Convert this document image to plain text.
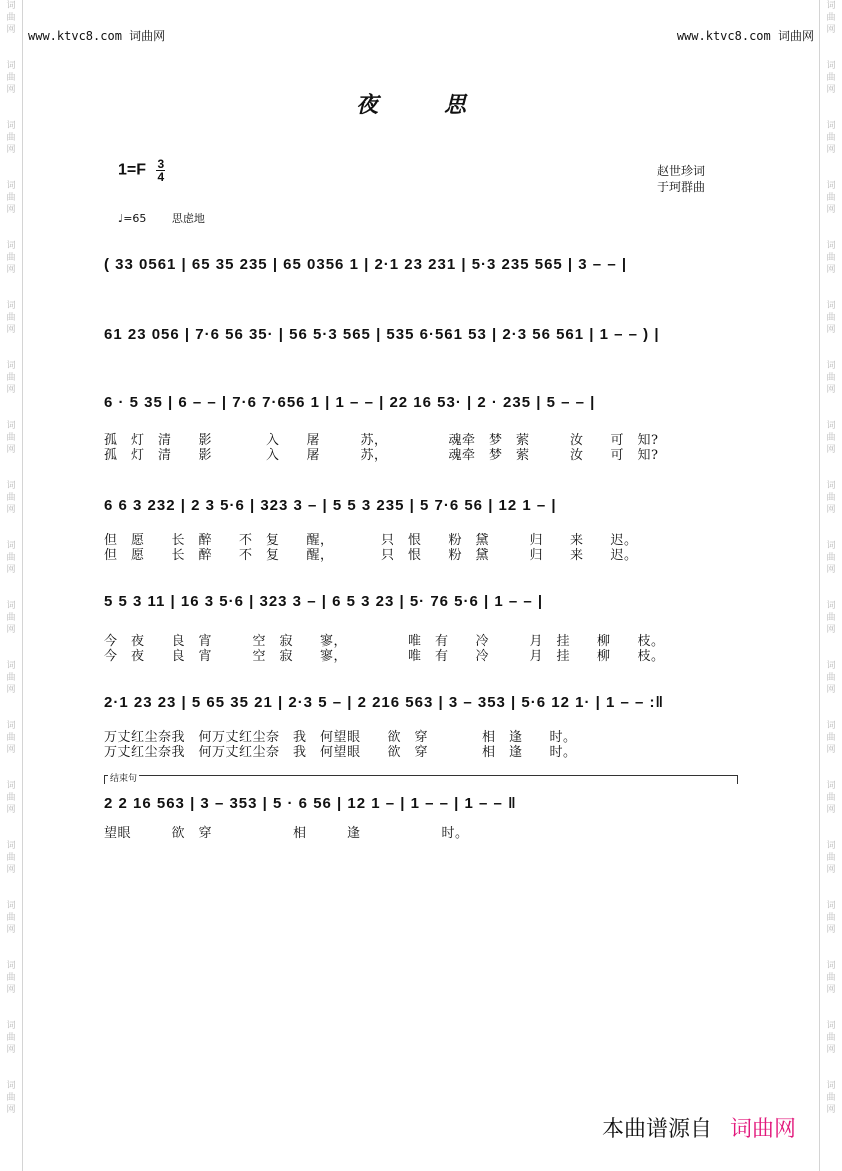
词
曲
网
词
曲
网
词
曲
网
词
曲
网
词
曲
网
词
曲
网
词
曲
网
词
曲
网
词
曲
网
词
曲
网
词
曲
网
词
曲
网
词
曲
网
词
曲
网
词
曲
网
词
曲
网
词
曲
网
词
曲
网
词
曲
网
词
曲
网
词
曲
网
词
曲
网
词
曲
网
词
曲
网
词
曲
网
词
曲
网
词
曲
网
词
曲
网
词
曲
网
词
曲
网
词
曲
网
词
曲
网
词
曲
网
词
曲
网
词
曲
网
词
曲
网
词
曲
网
词
曲
网
www.ktvc8.com 词曲网	www.ktvc8.com 词曲网
夜　　　思
$1=F \frac{3}{4}$	赵世珍词
于珂群曲
♩=65 思虑地
( 33 0561 | 65 35 235 | 65 0356 1 | 2·1 23 231 | 5·3 235 565 | 3 – – |
61 23 056 | 7·6 56 35· | 56 5·3 565 | 535 6·561 53 | 2·3 56 561 | 1 – – ) |
6 · 5 35 | 6 – – | 7·6 7·656 1 | 1 – – | 22 16 53· | 2 · 235 | 5 – – |
孤　灯　清　　影　　　　入　　屠　　　苏，　　　　　魂牵　梦　萦　　　汝　　可　知?
孤　灯　清　　影　　　　入　　屠　　　苏，　　　　　魂牵　梦　萦　　　汝　　可　知?
6 6 3 232 | 2 3 5·6 | 323 3 – | 5 5 3 235 | 5 7·6 56 | 12 1 – |
但　愿　　长　醉　　不　复　　醒，　　　　只　恨　　粉　黛　　　归　　来　　迟。
但　愿　　长　醉　　不　复　　醒，　　　　只　恨　　粉　黛　　　归　　来　　迟。
5 5 3 11 | 16 3 5·6 | 323 3 – | 6 5 3 23 | 5· 76 5·6 | 1 – – |
今　夜　　良　宵　　　空　寂　　寥，　　　　　唯　有　　冷　　　月　挂　　柳　　枝。
今　夜　　良　宵　　　空　寂　　寥，　　　　　唯　有　　冷　　　月　挂　　柳　　枝。
2·1 23 23 | 5 65 35 21 | 2·3 5 – | 2 216 563 | 3 – 353 | 5·6 12 1· | 1 – – :‖
万丈红尘奈我　何万丈红尘奈　我　何望眼　　欲　穿　　　　相　逢　　时。
万丈红尘奈我　何万丈红尘奈　我　何望眼　　欲　穿　　　　相　逢　　时。
结束句
2 2 16 563 | 3 – 353 | 5 · 6 56 | 12 1 – | 1 – – | 1 – – ‖
望眼　　　欲　穿　　　　　　相　　　逢　　　　　　时。
本曲谱源自 词曲网
